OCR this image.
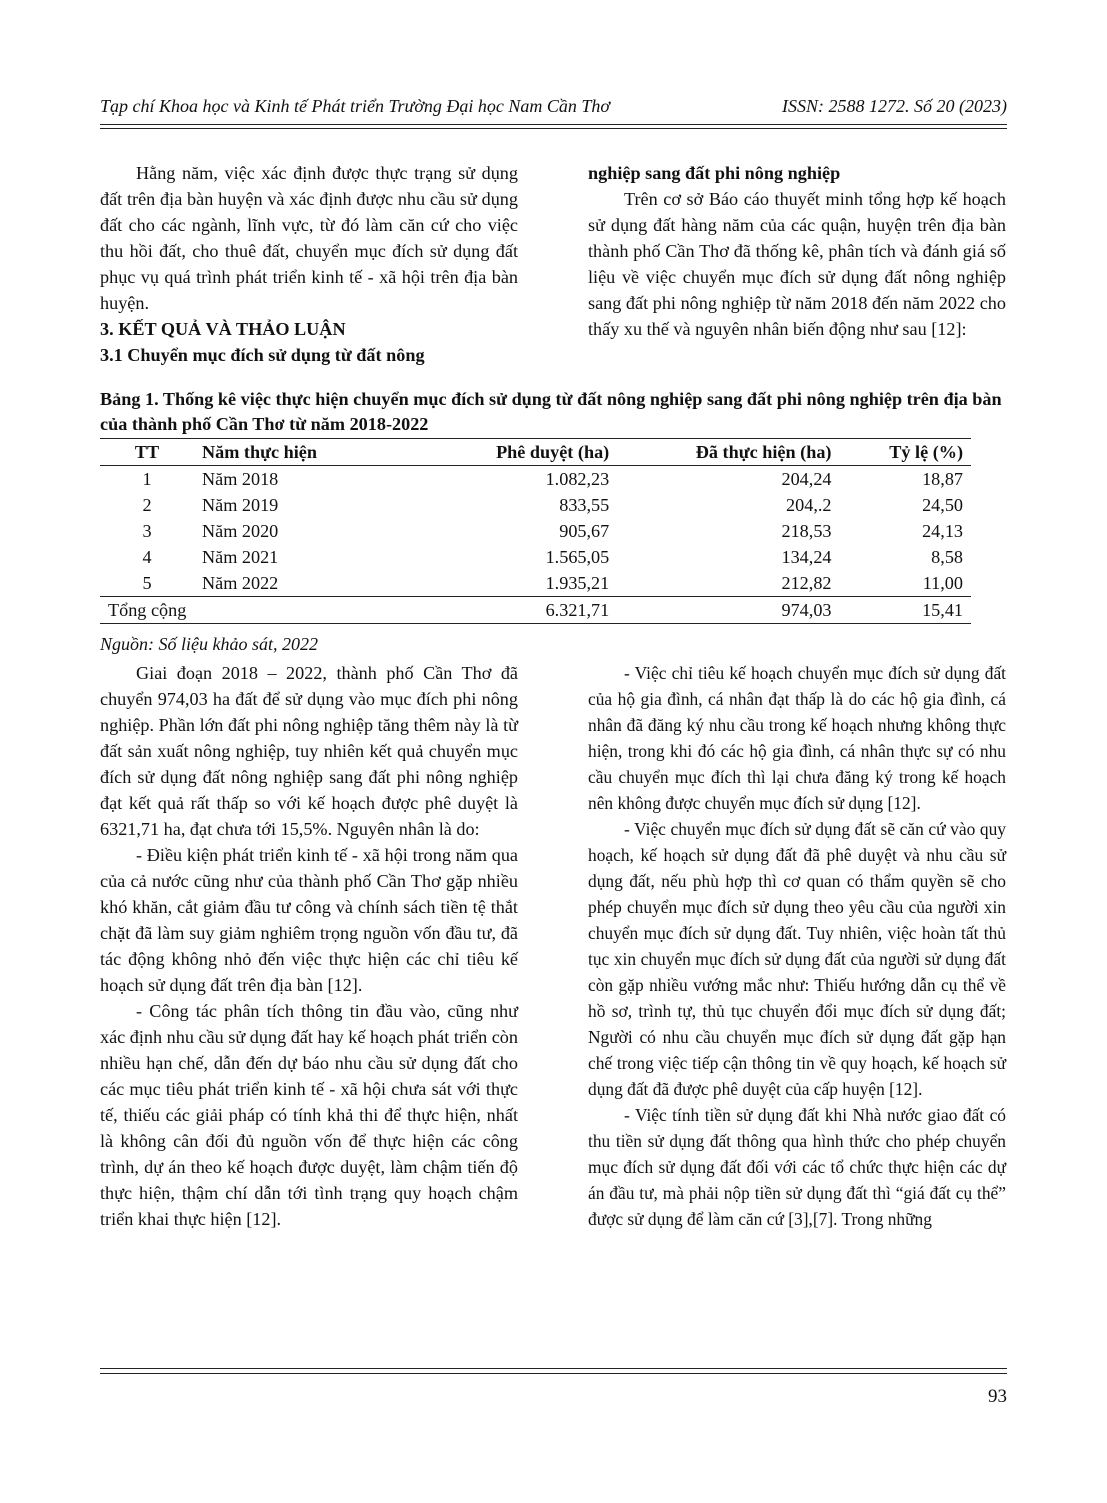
Tạp chí Khoa học và Kinh tế Phát triển Trường Đại học Nam Cần Thơ	ISSN: 2588 1272. Số 20 (2023)

Hằng năm, việc xác định được thực trạng sử dụng đất trên địa bàn huyện và xác định được nhu cầu sử dụng đất cho các ngành, lĩnh vực, từ đó làm căn cứ cho việc thu hồi đất, cho thuê đất, chuyển mục đích sử dụng đất phục vụ quá trình phát triển kinh tế - xã hội trên địa bàn huyện.

3. KẾT QUẢ VÀ THẢO LUẬN

3.1 Chuyển mục đích sử dụng từ đất nông

nghiệp sang đất phi nông nghiệp

Trên cơ sở Báo cáo thuyết minh tổng hợp kế hoạch sử dụng đất hàng năm của các quận, huyện trên địa bàn thành phố Cần Thơ đã thống kê, phân tích và đánh giá số liệu về việc chuyển mục đích sử dụng đất nông nghiệp sang đất phi nông nghiệp từ năm 2018 đến năm 2022 cho thấy xu thế và nguyên nhân biến động như sau [12]:

Bảng 1. Thống kê việc thực hiện chuyển mục đích sử dụng từ đất nông nghiệp sang đất phi nông nghiệp trên địa bàn của thành phố Cần Thơ từ năm 2018-2022
TT	Năm thực hiện	Phê duyệt (ha)	Đã thực hiện (ha)	Tỷ lệ (%)
1	Năm 2018	1.082,23	204,24	18,87
2	Năm 2019	833,55	204,.2	24,50
3	Năm 2020	905,67	218,53	24,13
4	Năm 2021	1.565,05	134,24	8,58
5	Năm 2022	1.935,21	212,82	11,00
Tổng cộng		6.321,71	974,03	15,41
Nguồn: Số liệu khảo sát, 2022

Giai đoạn 2018 – 2022, thành phố Cần Thơ đã chuyển 974,03 ha đất để sử dụng vào mục đích phi nông nghiệp. Phần lớn đất phi nông nghiệp tăng thêm này là từ đất sản xuất nông nghiệp, tuy nhiên kết quả chuyển mục đích sử dụng đất nông nghiệp sang đất phi nông nghiệp đạt kết quả rất thấp so với kế hoạch được phê duyệt là 6321,71 ha, đạt chưa tới 15,5%. Nguyên nhân là do:

- Điều kiện phát triển kinh tế - xã hội trong năm qua của cả nước cũng như của thành phố Cần Thơ gặp nhiều khó khăn, cắt giảm đầu tư công và chính sách tiền tệ thắt chặt đã làm suy giảm nghiêm trọng nguồn vốn đầu tư, đã tác động không nhỏ đến việc thực hiện các chỉ tiêu kế hoạch sử dụng đất trên địa bàn [12].

- Công tác phân tích thông tin đầu vào, cũng như xác định nhu cầu sử dụng đất hay kế hoạch phát triển còn nhiều hạn chế, dẫn đến dự báo nhu cầu sử dụng đất cho các mục tiêu phát triển kinh tế - xã hội chưa sát với thực tế, thiếu các giải pháp có tính khả thi để thực hiện, nhất là không cân đối đủ nguồn vốn để thực hiện các công trình, dự án theo kế hoạch được duyệt, làm chậm tiến độ thực hiện, thậm chí dẫn tới tình trạng quy hoạch chậm triển khai thực hiện [12].

- Việc chỉ tiêu kế hoạch chuyển mục đích sử dụng đất của hộ gia đình, cá nhân đạt thấp là do các hộ gia đình, cá nhân đã đăng ký nhu cầu trong kế hoạch nhưng không thực hiện, trong khi đó các hộ gia đình, cá nhân thực sự có nhu cầu chuyển mục đích thì lại chưa đăng ký trong kế hoạch nên không được chuyển mục đích sử dụng [12].

- Việc chuyển mục đích sử dụng đất sẽ căn cứ vào quy hoạch, kế hoạch sử dụng đất đã phê duyệt và nhu cầu sử dụng đất, nếu phù hợp thì cơ quan có thẩm quyền sẽ cho phép chuyển mục đích sử dụng theo yêu cầu của người xin chuyển mục đích sử dụng đất. Tuy nhiên, việc hoàn tất thủ tục xin chuyển mục đích sử dụng đất của người sử dụng đất còn gặp nhiều vướng mắc như: Thiếu hướng dẫn cụ thể về hồ sơ, trình tự, thủ tục chuyển đổi mục đích sử dụng đất; Người có nhu cầu chuyển mục đích sử dụng đất gặp hạn chế trong việc tiếp cận thông tin về quy hoạch, kế hoạch sử dụng đất đã được phê duyệt của cấp huyện [12].

- Việc tính tiền sử dụng đất khi Nhà nước giao đất có thu tiền sử dụng đất thông qua hình thức cho phép chuyển mục đích sử dụng đất đối với các tổ chức thực hiện các dự án đầu tư, mà phải nộp tiền sử dụng đất thì “giá đất cụ thể” được sử dụng để làm căn cứ [3],[7]. Trong những

93
